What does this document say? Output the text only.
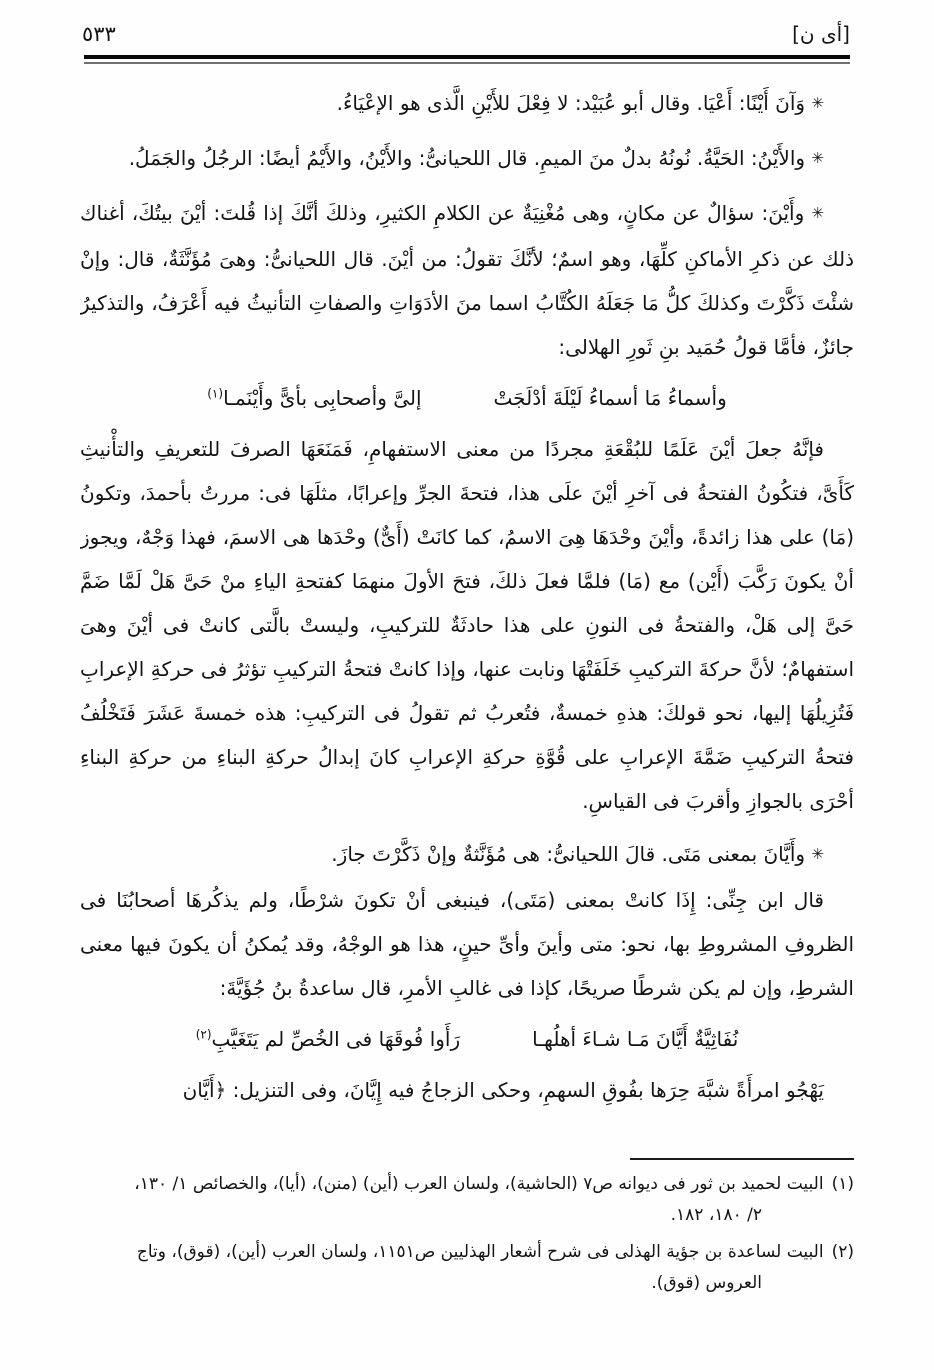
[أى ن]
٥٣٣

✳ وَآنَ أَيْنًا: أَعْيَا. وقال أبو عُبَيْد: لا فِعْلَ للأَيْنِ الَّذى هو الإعْيَاءُ.

✳ والأَيْنُ: الحَيَّةُ. نُونُهُ بدلٌ منَ الميمِ. قال اللحيانىُّ: والأَيْنُ، والأَيْمُ أيضًا: الرجُلُ والجَمَلُ.

✳ وأَيْنَ: سؤالٌ عن مكانٍ، وهى مُغْنِيَةٌ عن الكلامِ الكثيرِ، وذلكَ أنَّكَ إذا قُلتَ: أيْنَ بيتُكَ، أغناك ذلك عن ذكرِ الأماكنِ كلِّهَا، وهو اسمٌ؛ لأنَّكَ تقولُ: من أيْنَ. قال اللحيانىُّ: وهىَ مُؤَنَّثَةٌ، قال: وإنْ شئْتَ ذَكَّرْتَ وكذلكَ كلُّ مَا جَعَلَهُ الكُتَّابُ اسما منَ الأدَوَاتِ والصفاتِ التأنيثُ فيه أَعْرَفُ، والتذكيرُ جائزٌ، فأمَّا قولُ حُمَيد بنِ ثَورِ الهلالى:

وأسماءُ مَا أسماءُ لَيْلَةَ أدْلَجَتْ
إلىَّ وأصحابِى بأىًّ وأَيْنَمـا$^{(١)}$

فإنَّهُ جعلَ أيْنَ عَلَمًا للبُقْعَةِ مجردًا من معنى الاستفهامِ، فَمَنَعَهَا الصرفَ للتعريفِ والتأْنيثِ كَأَىَّ، فتكُونُ الفتحةُ فى آخرِ أيْنَ علَى هذا، فتحةَ الجرِّ وإعرابًا، مثلَهَا فى: مررتُ بأحمدَ، وتكونُ (مَا) على هذا زائدةً، وأيْنَ وحْدَهَا هِىَ الاسمُ، كما كانَتْ (أَىٌّ) وحْدَها هى الاسمَ، فهذا وَجْهٌ، ويجوز أنْ يكونَ رَكَّبَ (أَيْن) مع (مَا) فلمَّا فعلَ ذلكَ، فتحَ الأولَ منهمَا كفتحةِ الياءِ منْ حَىَّ هَلْ لَمَّا ضَمَّ حَىَّ إلى هَلْ، والفتحةُ فى النونِ على هذا حادثَةٌ للتركيبِ، وليستْ بالَّتى كانتْ فى أيْنَ وهىَ استفهامٌ؛ لأنَّ حركةَ التركيبِ خَلَفَتْهَا ونابت عنها، وإذا كانتْ فتحةُ التركيبِ تؤثرُ فى حركةِ الإعرابِ فَتُزِيلُهَا إليها، نحو قولكَ: هذهِ خمسةٌ، فتُعربُ ثم تقولُ فى التركيبِ: هذه خمسةَ عَشَرَ فَتَخْلُفُ فتحةُ التركيبِ ضَمَّةَ الإعرابِ على قُوَّةِ حركةِ الإعرابِ كانَ إبدالُ حركةِ البناءِ من حركةِ البناءِ أحْرَى بالجوازِ وأقربَ فى القياسِ.

✳ وأَيَّانَ بمعنى مَتَى. قالَ اللحيانىُّ: هى مُؤَنَّثةٌ وإنْ ذَكَّرْتَ جازَ.

قال ابن جِنِّى: إِذَا كانتْ بمعنى (مَتَى)، فينبغى أنْ تكونَ شرْطًا، ولم يذكُرهَا أصحابُنَا فى الظروفِ المشروطِ بها، نحو: متى وأينَ وأىِّ حينٍ، هذا هو الوجْهُ، وقد يُمكنُ أن يكونَ فيها معنى الشرطِ، وإن لم يكن شرطًا صريحًا، كإذا فى غالبِ الأمرِ، قال ساعدةُ بنُ جُؤَيَّةَ:

نُفَاثِيَّةٌ أَيَّانَ مَـا شـاءَ أهلُهـا
رَأَوا فُوقَهَا فى الخُصِّ لم يَتَغَيَّبِ$^{(٢)}$

يَهْجُو امرأَةً شبَّهَ حِرَها بفُوقِ السهمِ، وحكى الزجاجُ فيه إِيَّانَ، وفى التنزيل: ﴿أَيَّان

(١)البيت لحميد بن ثور فى ديوانه ص٧ (الحاشية)، ولسان العرب (أين) (منن)، (أيا)، والخصائص ١/ ١٣٠،
٢/ ١٨٠، ١٨٢.
(٢)البيت لساعدة بن جؤية الهذلى فى شرح أشعار الهذليين ص١١٥١، ولسان العرب (أين)، (قوق)، وتاج
العروس (قوق).
